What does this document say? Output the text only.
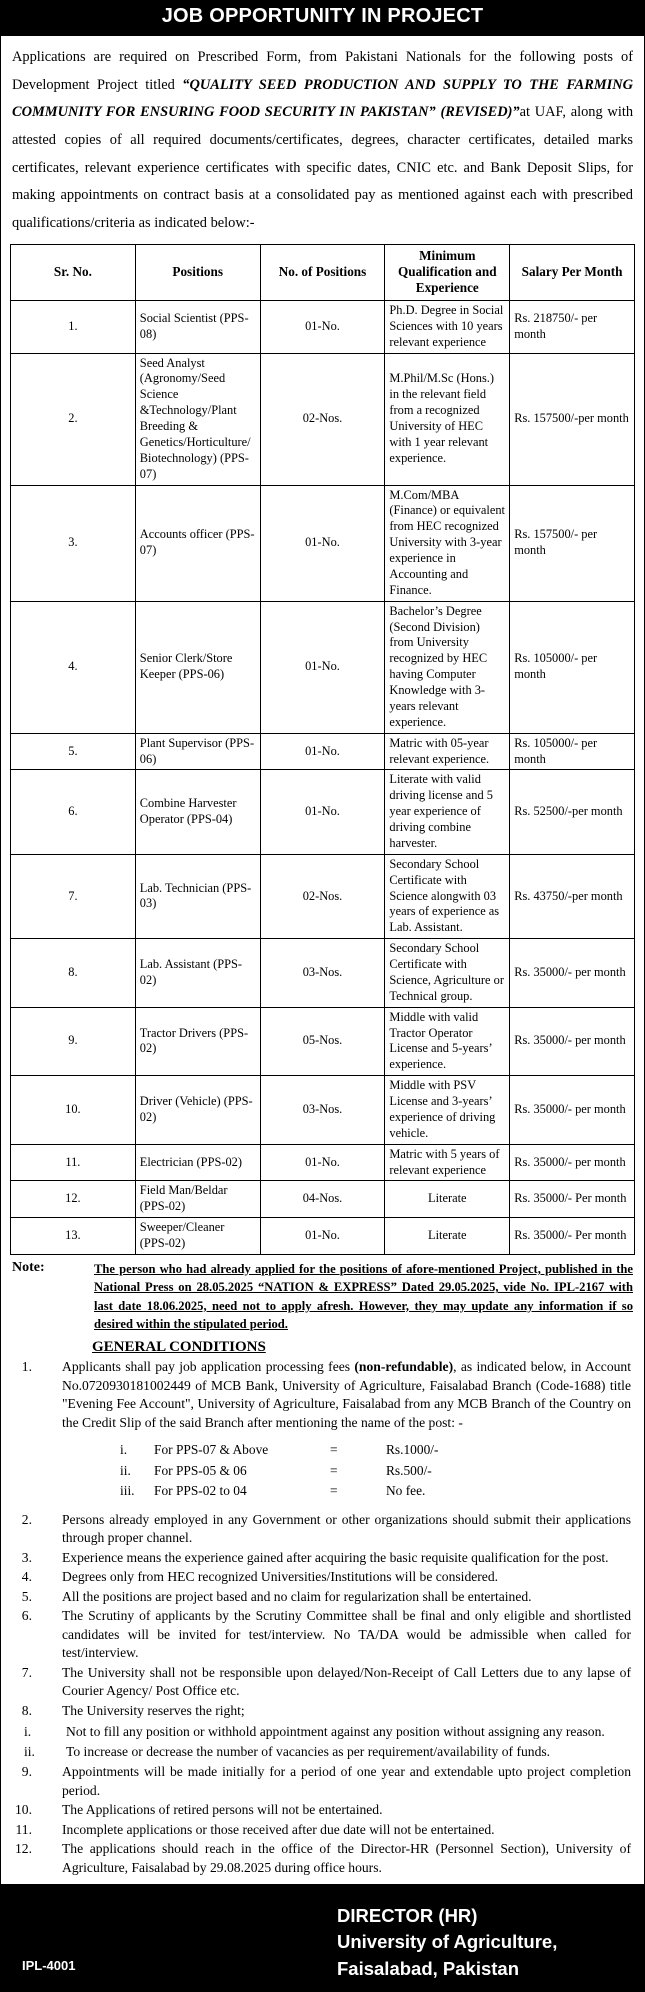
JOB OPPORTUNITY IN PROJECT
Applications are required on Prescribed Form, from Pakistani Nationals for the following posts of Development Project titled “QUALITY SEED PRODUCTION AND SUPPLY TO THE FARMING COMMUNITY FOR ENSURING FOOD SECURITY IN PAKISTAN” (REVISED)”at UAF, along with attested copies of all required documents/certificates, degrees, character certificates, detailed marks certificates, relevant experience certificates with specific dates, CNIC etc. and Bank Deposit Slips, for making appointments on contract basis at a consolidated pay as mentioned against each with prescribed qualifications/criteria as indicated below:-
Sr. No.	Positions	No. of Positions	Minimum Qualification and Experience	Salary Per Month
1.	Social Scientist (PPS-08)	01-No.	Ph.D. Degree in Social Sciences with 10 years relevant experience	Rs. 218750/- per month
2.	Seed Analyst (Agronomy/Seed Science &Technology/Plant Breeding & Genetics/Horticulture/ Biotechnology) (PPS-07)	02-Nos.	M.Phil/M.Sc (Hons.) in the relevant field from a recognized University of HEC with 1 year relevant experience.	Rs. 157500/-per month
3.	Accounts officer (PPS-07)	01-No.	M.Com/MBA (Finance) or equivalent from HEC recognized University with 3-year experience in Accounting and Finance.	Rs. 157500/- per month
4.	Senior Clerk/Store Keeper (PPS-06)	01-No.	Bachelor’s Degree (Second Division) from University recognized by HEC having Computer Knowledge with 3-years relevant experience.	Rs. 105000/- per month
5.	Plant Supervisor (PPS-06)	01-No.	Matric with 05-year relevant experience.	Rs. 105000/- per month
6.	Combine Harvester Operator (PPS-04)	01-No.	Literate with valid driving license and 5 year experience of driving combine harvester.	Rs. 52500/-per month
7.	Lab. Technician (PPS-03)	02-Nos.	Secondary School Certificate with Science alongwith 03 years of experience as Lab. Assistant.	Rs. 43750/-per month
8.	Lab. Assistant (PPS-02)	03-Nos.	Secondary School Certificate with Science, Agriculture or Technical group.	Rs. 35000/- per month
9.	Tractor Drivers (PPS-02)	05-Nos.	Middle with valid Tractor Operator License and 5-years’ experience.	Rs. 35000/- per month
10.	Driver (Vehicle) (PPS-02)	03-Nos.	Middle with PSV License and 3-years’ experience of driving vehicle.	Rs. 35000/- per month
11.	Electrician (PPS-02)	01-No.	Matric with 5 years of relevant experience	Rs. 35000/- per month
12.	Field Man/Beldar (PPS-02)	04-Nos.	Literate	Rs. 35000/- Per month
13.	Sweeper/Cleaner (PPS-02)	01-No.	Literate	Rs. 35000/- Per month
Note:	The person who had already applied for the positions of afore-mentioned Project, published in the National Press on 28.05.2025 “NATION & EXPRESS” Dated 29.05.2025, vide No. IPL-2167 with last date 18.06.2025, need not to apply afresh. However, they may update any information if so desired within the stipulated period.
GENERAL CONDITIONS
1.	Applicants shall pay job application processing fees (non-refundable), as indicated below, in Account No.0720930181002449 of MCB Bank, University of Agriculture, Faisalabad Branch (Code-1688) title "Evening Fee Account", University of Agriculture, Faisalabad from any MCB Branch of the Country on the Credit Slip of the said Branch after mentioning the name of the post: -
i.	For PPS-07 & Above	=	Rs.1000/-
ii.	For PPS-05 & 06	=	Rs.500/-
iii.	For PPS-02 to 04	=	No fee.
2.	Persons already employed in any Government or other organizations should submit their applications through proper channel.
3.	Experience means the experience gained after acquiring the basic requisite qualification for the post.
4.	Degrees only from HEC recognized Universities/Institutions will be considered.
5.	All the positions are project based and no claim for regularization shall be entertained.
6.	The Scrutiny of applicants by the Scrutiny Committee shall be final and only eligible and shortlisted candidates will be invited for test/interview. No TA/DA would be admissible when called for test/interview.
7.	The University shall not be responsible upon delayed/Non-Receipt of Call Letters due to any lapse of Courier Agency/ Post Office etc.
8.	The University reserves the right;
i.	Not to fill any position or withhold appointment against any position without assigning any reason.
ii.	To increase or decrease the number of vacancies as per requirement/availability of funds.
9.	Appointments will be made initially for a period of one year and extendable upto project completion period.
10.	The Applications of retired persons will not be entertained.
11.	Incomplete applications or those received after due date will not be entertained.
12.	The applications should reach in the office of the Director-HR (Personnel Section), University of Agriculture, Faisalabad by 29.08.2025 during office hours.
DIRECTOR (HR)
University of Agriculture,
Faisalabad, Pakistan
IPL-4001
